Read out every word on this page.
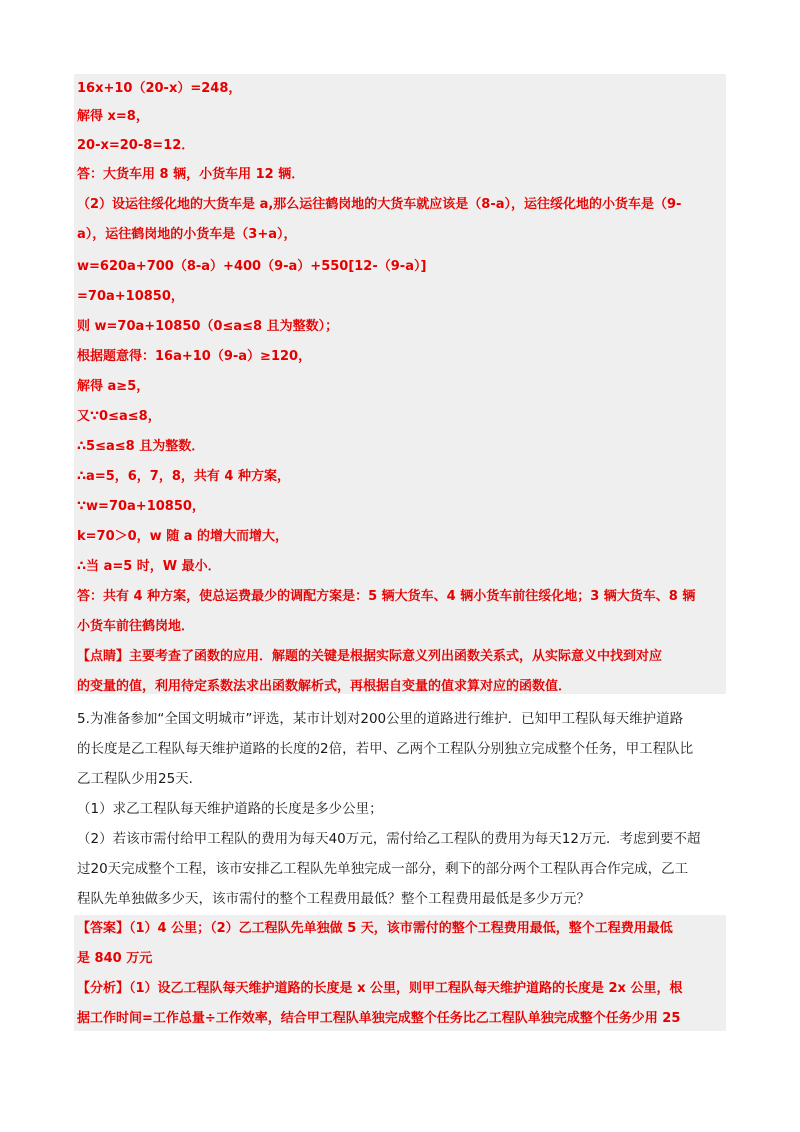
16x+10（20-x）=248，
解得 x=8，
20-x=20-8=12．
答：大货车用 8 辆，小货车用 12 辆．
（2）设运往绥化地的大货车是 a,那么运往鹤岗地的大货车就应该是（8-a），运往绥化地的小货车是（9-
a），运往鹤岗地的小货车是（3+a），
w=620a+700（8-a）+400（9-a）+550[12-（9-a）]
=70a+10850，
则 w=70a+10850（0≤a≤8 且为整数）；
根据题意得：16a+10（9-a）≥120，
解得 a≥5，
又∵0≤a≤8，
∴5≤a≤8 且为整数．
∴a=5，6，7，8，共有 4 种方案，
∵w=70a+10850，
k=70＞0，w 随 a 的增大而增大，
∴当 a=5 时，W 最小．
答：共有 4 种方案，使总运费最少的调配方案是：5 辆大货车、4 辆小货车前往绥化地；3 辆大货车、8 辆
小货车前往鹤岗地．
【点睛】主要考查了函数的应用．解题的关键是根据实际意义列出函数关系式，从实际意义中找到对应
的变量的值，利用待定系数法求出函数解析式，再根据自变量的值求算对应的函数值．
5.为准备参加“全国文明城市”评选，某市计划对200公里的道路进行维护．已知甲工程队每天维护道路
的长度是乙工程队每天维护道路的长度的2倍，若甲、乙两个工程队分别独立完成整个任务，甲工程队比
乙工程队少用25天．
（1）求乙工程队每天维护道路的长度是多少公里；
（2）若该市需付给甲工程队的费用为每天40万元，需付给乙工程队的费用为每天12万元．考虑到要不超
过20天完成整个工程，该市安排乙工程队先单独完成一部分，剩下的部分两个工程队再合作完成，乙工
程队先单独做多少天，该市需付的整个工程费用最低？整个工程费用最低是多少万元？
【答案】（1）4 公里；（2）乙工程队先单独做 5 天，该市需付的整个工程费用最低，整个工程费用最低
是 840 万元
【分析】（1）设乙工程队每天维护道路的长度是 x 公里，则甲工程队每天维护道路的长度是 2x 公里，根
据工作时间=工作总量÷工作效率，结合甲工程队单独完成整个任务比乙工程队单独完成整个任务少用 25
